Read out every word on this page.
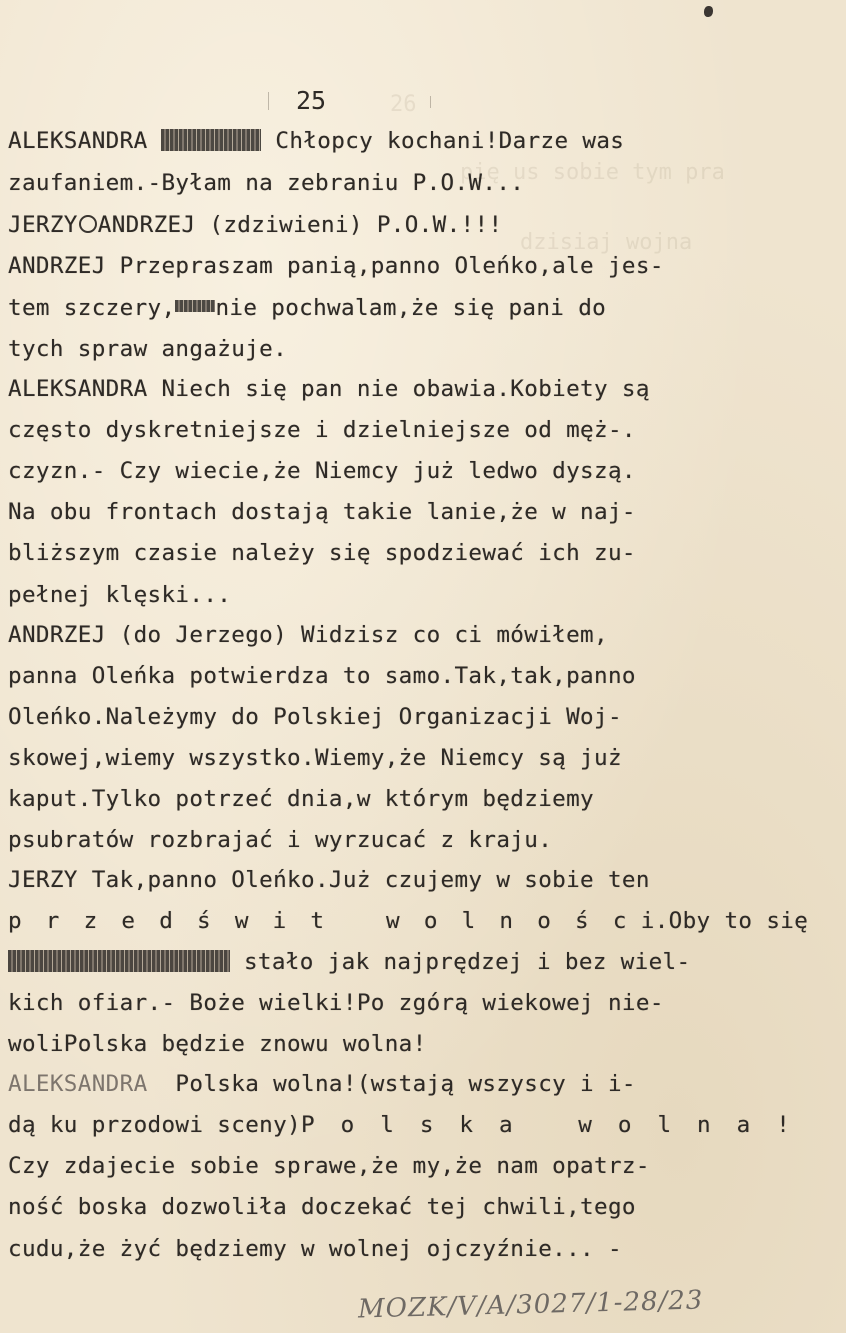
26
pię us sobie tym pra
dzisiaj wojna
25
ALEKSANDRA	Chłopcy kochani!Darze was
zaufaniem.-Byłam na zebraniu P.O.W...
JERZY ANDRZEJ (zdziwieni) P.O.W.!!!
ANDRZEJ Przepraszam panią,panno Oleńko,ale jes-
tem szczery, nie pochwalam,że się pani do
tych spraw angażuje.
ALEKSANDRA Niech się pan nie obawia.Kobiety są
często dyskretniejsze i dzielniejsze od męż-.
czyzn.- Czy wiecie,że Niemcy już ledwo dyszą.
Na obu frontach dostają takie lanie,że w naj-
bliższym czasie należy się spodziewać ich zu-
pełnej klęski...
ANDRZEJ (do Jerzego) Widzisz co ci mówiłem,
panna Oleńka potwierdza to samo.Tak,tak,panno
Oleńko.Należymy do Polskiej Organizacji Woj-
skowej,wiemy wszystko.Wiemy,że Niemcy są już
kaput.Tylko potrzeć dnia,w którym będziemy
psubratów rozbrajać i wyrzucać z kraju.
JERZY Tak,panno Oleńko.Już czujemy w sobie ten
przedświt wolnośc i.Oby to się
stało jak najprędzej i bez wiel-
kich ofiar.- Boże wielki!Po zgórą wiekowej nie-
woliPolska będzie znowu wolna!
ALEKSANDRA  Polska wolna!(wstają wszyscy i i-
dą ku przodowi sceny)Polska wolna!
Czy zdajecie sobie sprawe,że my,że nam opatrz-
ność boska dozwoliła doczekać tej chwili,tego
cudu,że żyć będziemy w wolnej ojczyźnie... -
MOZK/V/A/3027/1-28/23
